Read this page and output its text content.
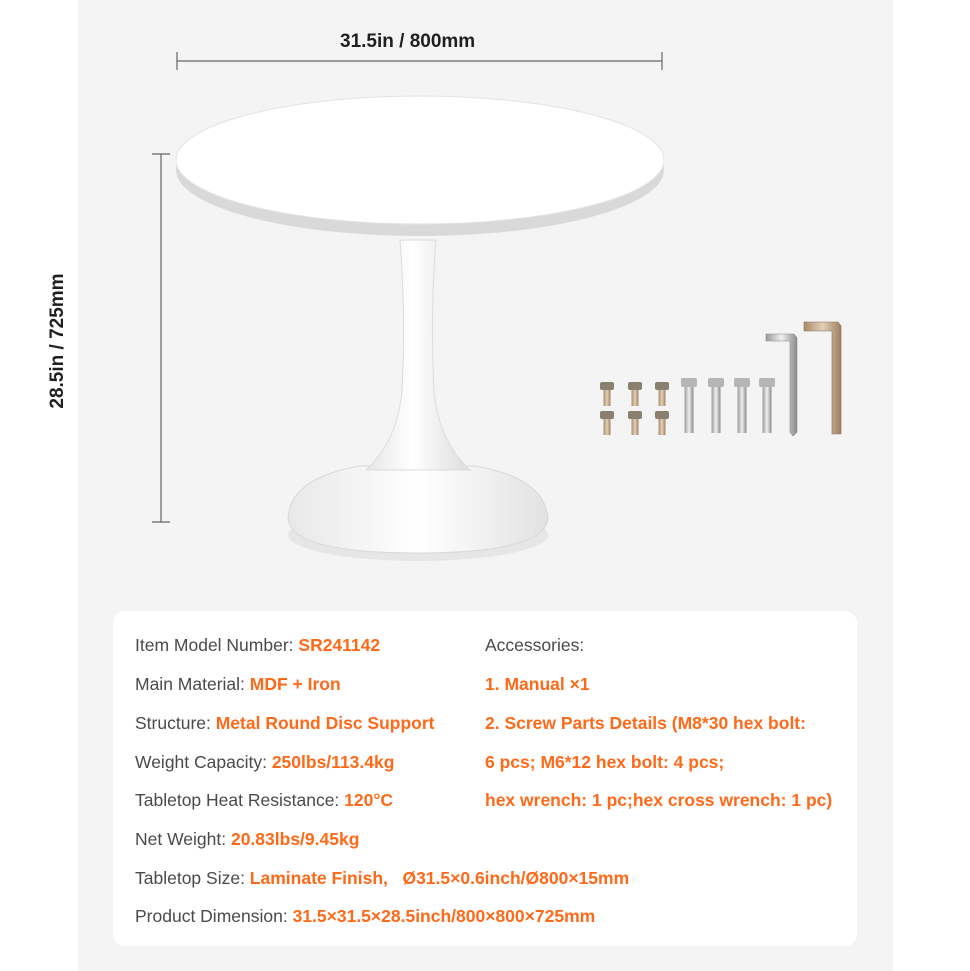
31.5in / 800mm
28.5in / 725mm
Item Model Number: SR241142
Main Material: MDF + Iron
Structure: Metal Round Disc Support
Weight Capacity: 250lbs/113.4kg
Tabletop Heat Resistance: 120°C
Net Weight: 20.83lbs/9.45kg
Tabletop Size: Laminate Finish,   Ø31.5×0.6inch/Ø800×15mm
Product Dimension: 31.5×31.5×28.5inch/800×800×725mm
Accessories:
1. Manual ×1
2. Screw Parts Details (M8*30 hex bolt:
6 pcs; M6*12 hex bolt: 4 pcs;
hex wrench: 1 pc;hex cross wrench: 1 pc)
